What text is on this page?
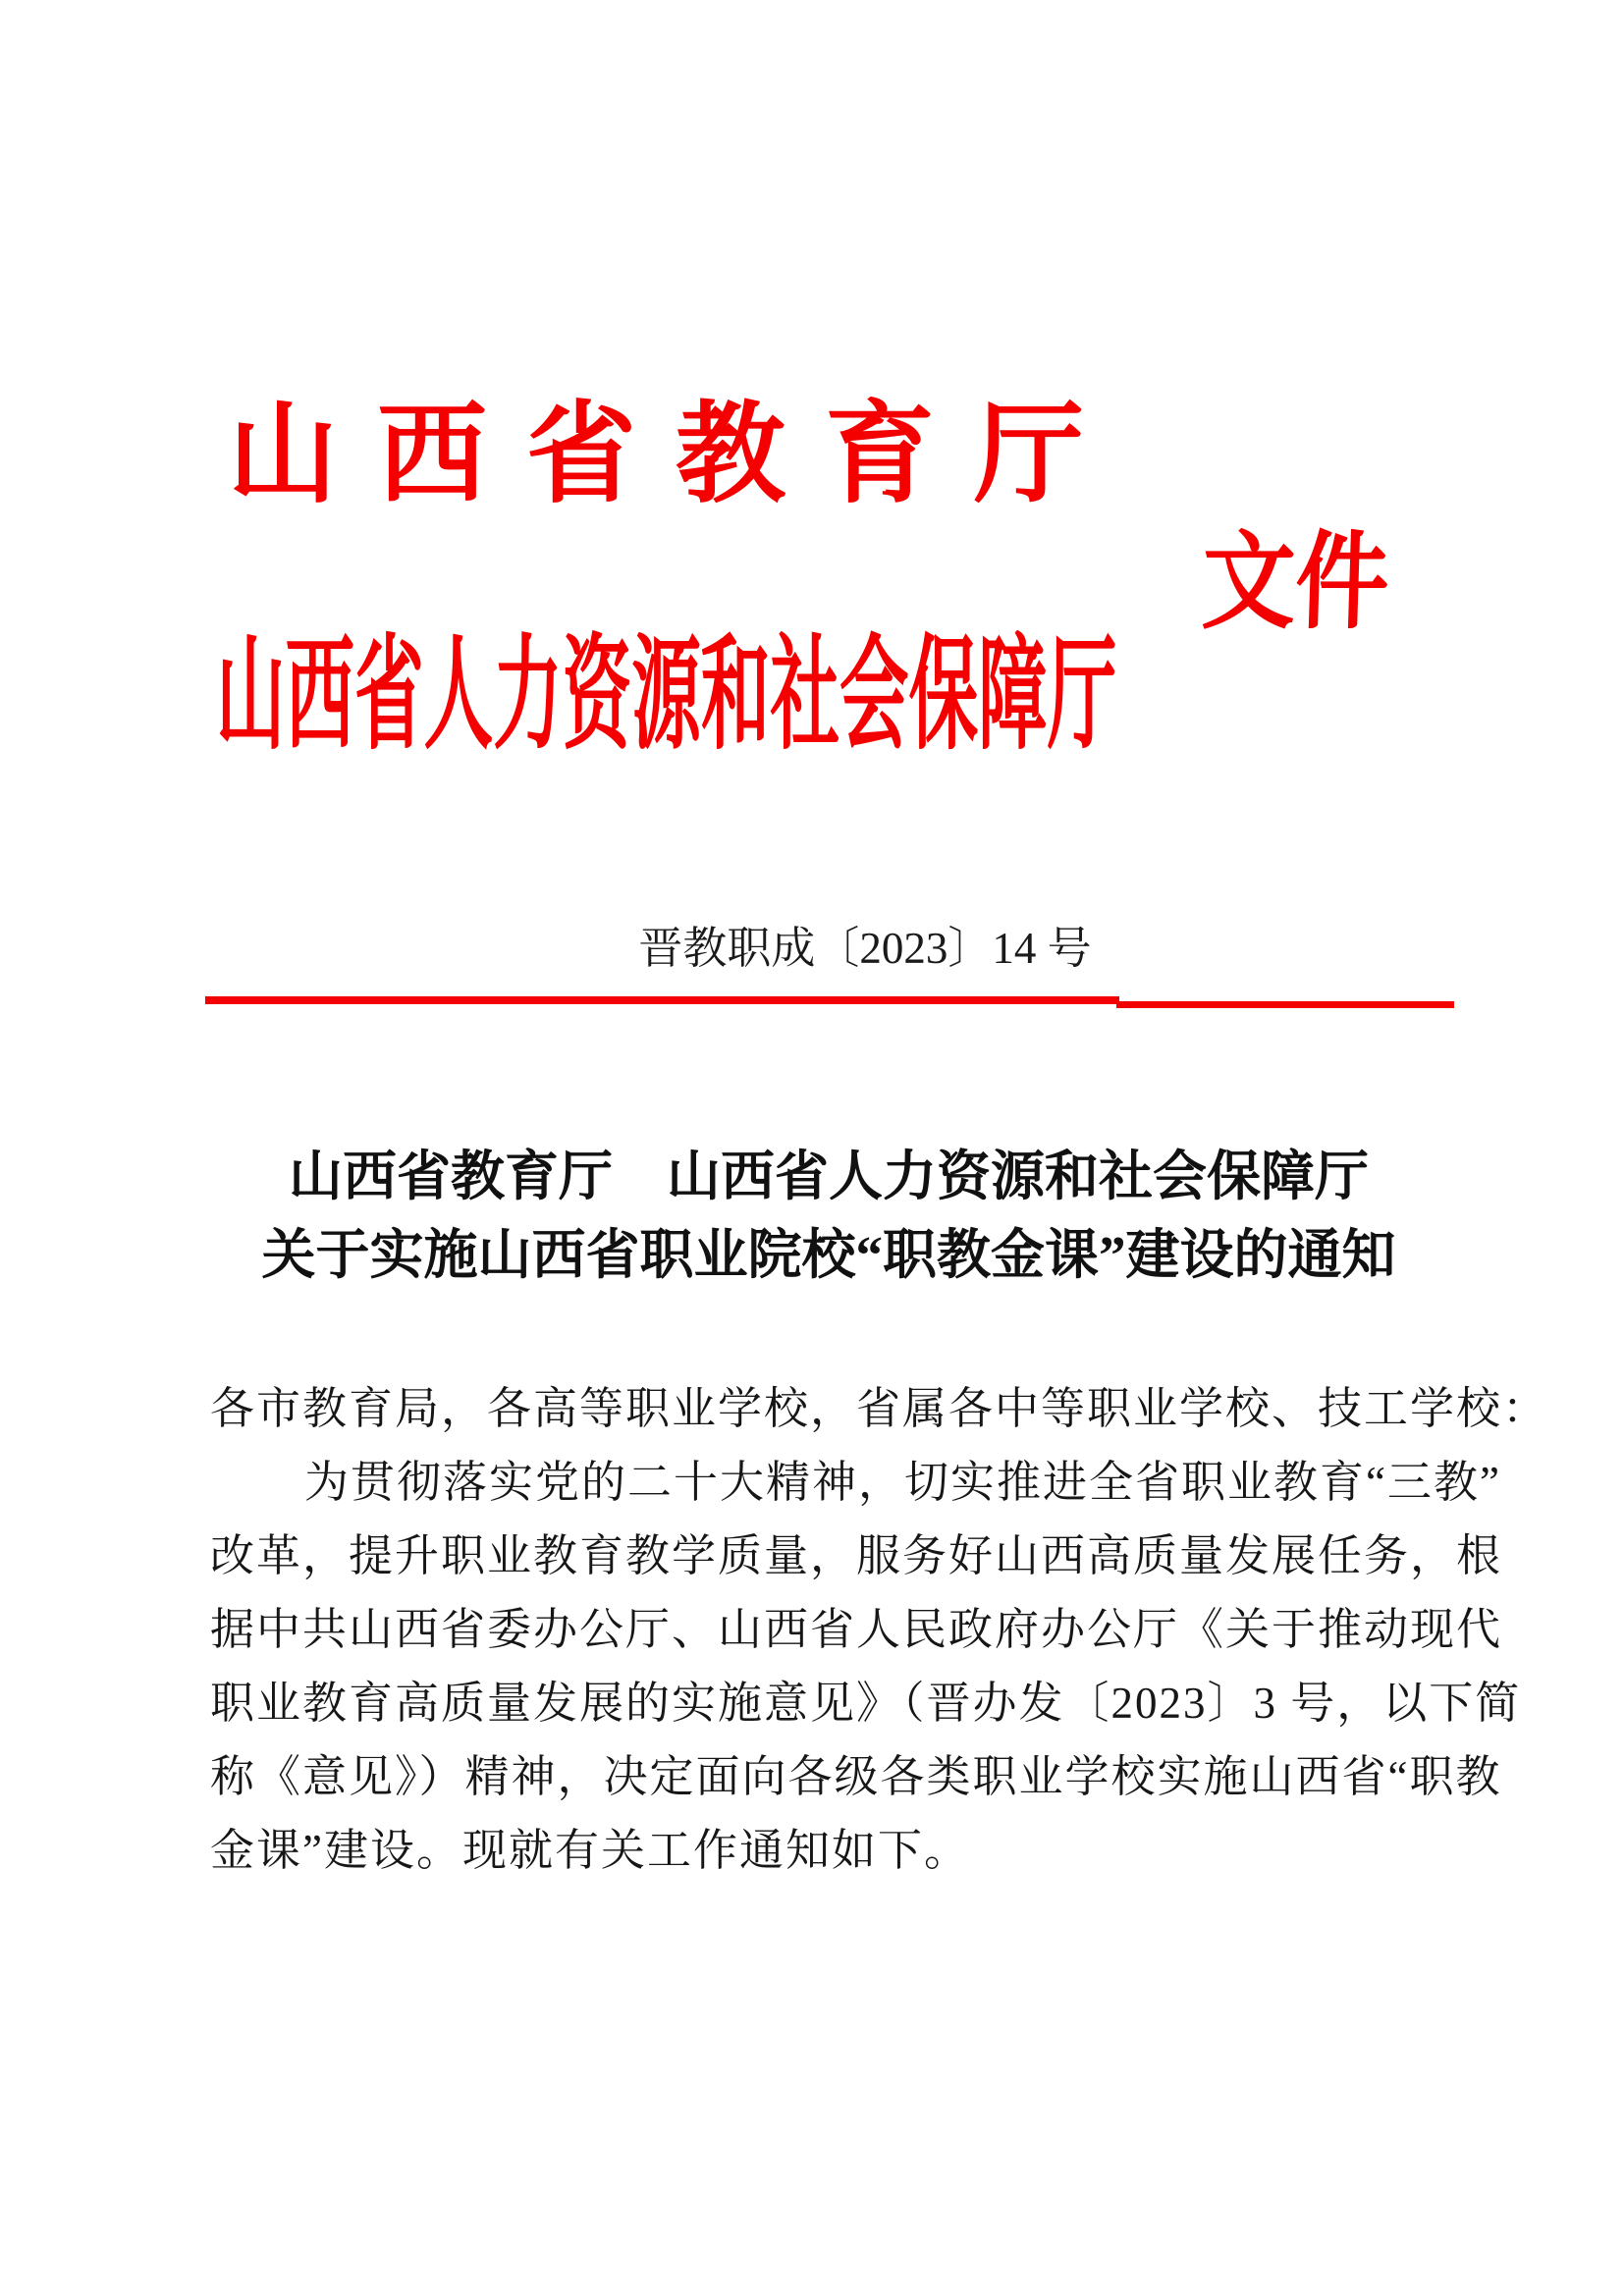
山西省教育厅
文件
山西省人力资源和社会保障厅
晋教职成〔2023〕14 号
山西省教育厅　山西省人力资源和社会保障厅
关于实施山西省职业院校“职教金课”建设的通知
各市教育局，各高等职业学校，省属各中等职业学校、技工学校：
为贯彻落实党的二十大精神，切实推进全省职业教育“三教”
改革，提升职业教育教学质量，服务好山西高质量发展任务，根
据中共山西省委办公厅、山西省人民政府办公厅《关于推动现代
职业教育高质量发展的实施意见》（晋办发〔2023〕3 号，以下简
称《意见》）精神，决定面向各级各类职业学校实施山西省“职教
金课”建设。现就有关工作通知如下。
